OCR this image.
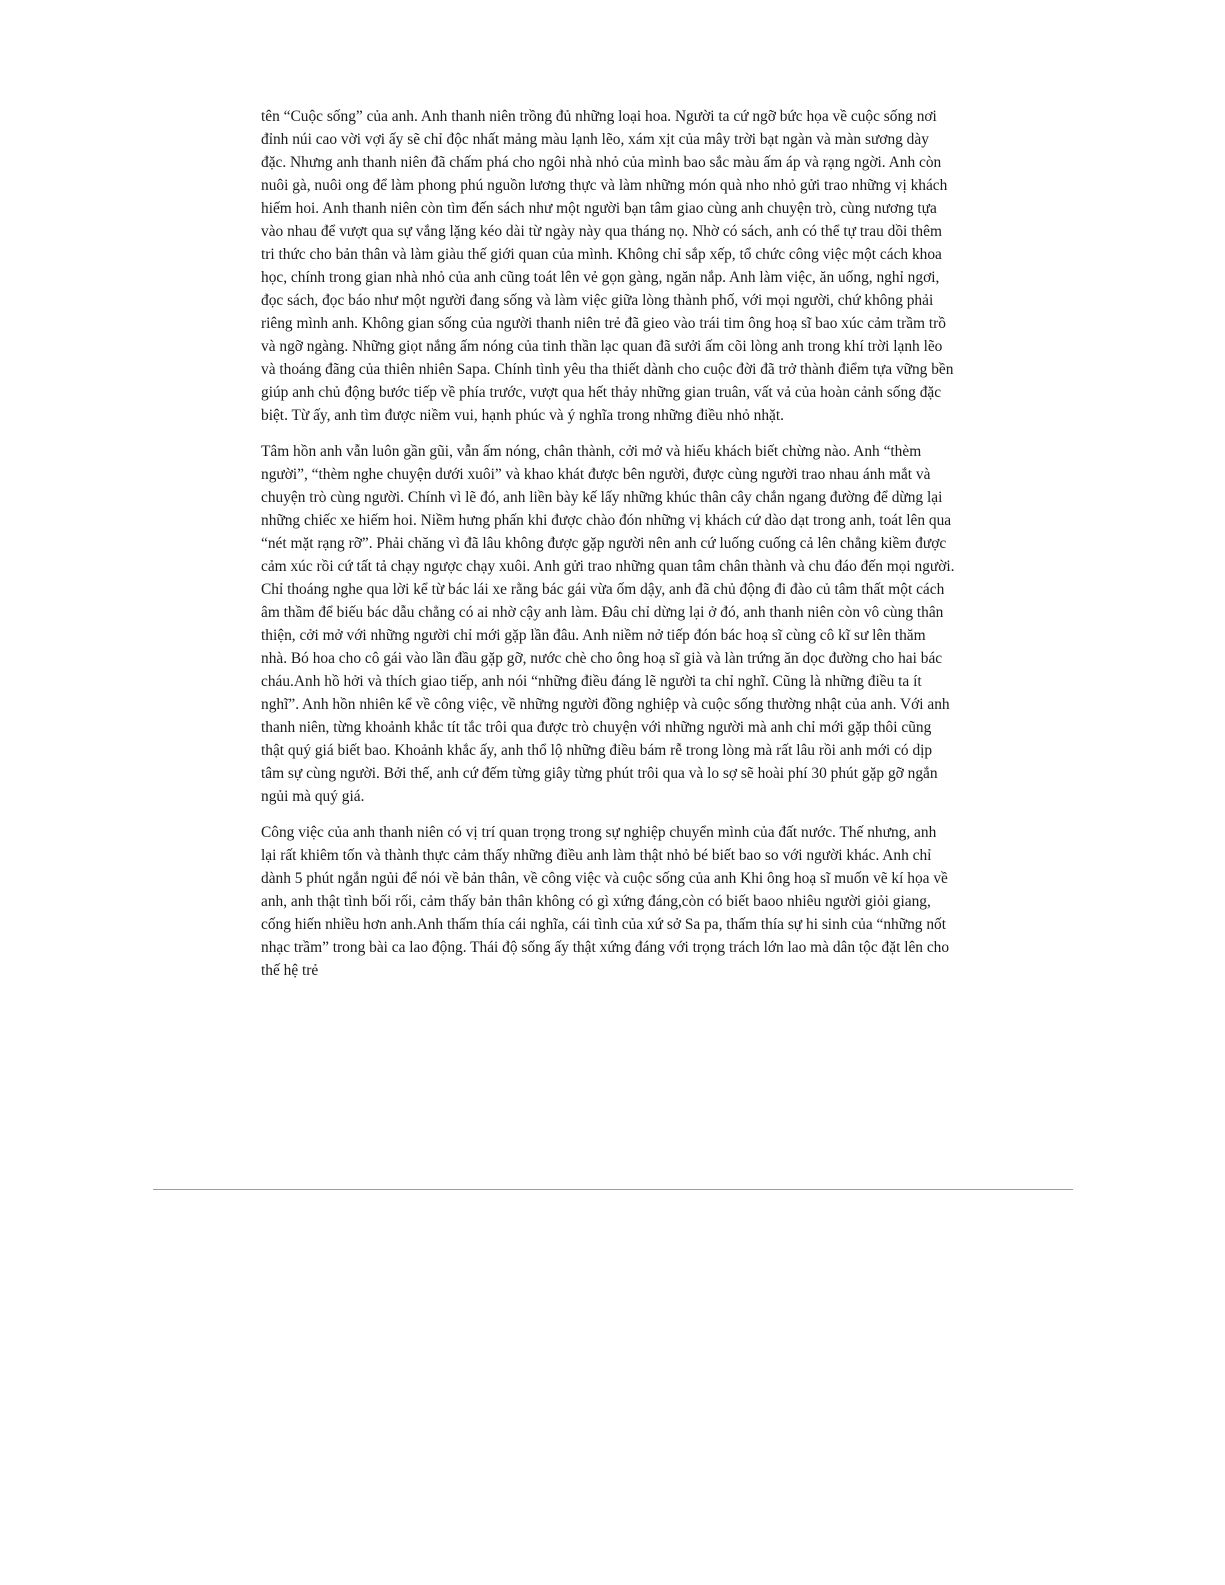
tên “Cuộc sống” của anh. Anh thanh niên trồng đủ những loại hoa. Người ta cứ ngỡ bức họa về cuộc sống nơi đỉnh núi cao vời vợi ấy sẽ chỉ độc nhất mảng màu lạnh lẽo, xám xịt của mây trời bạt ngàn và màn sương dày đặc. Nhưng anh thanh niên đã chấm phá cho ngôi nhà nhỏ của mình bao sắc màu ấm áp và rạng ngời. Anh còn nuôi gà, nuôi ong để làm phong phú nguồn lương thực và làm những món quà nho nhỏ gửi trao những vị khách hiếm hoi. Anh thanh niên còn tìm đến sách như một người bạn tâm giao cùng anh chuyện trò, cùng nương tựa vào nhau để vượt qua sự vắng lặng kéo dài từ ngày này qua tháng nọ. Nhờ có sách, anh có thể tự trau dồi thêm tri thức cho bản thân và làm giàu thế giới quan của mình. Không chỉ sắp xếp, tổ chức công việc một cách khoa học, chính trong gian nhà nhỏ của anh cũng toát lên vẻ gọn gàng, ngăn nắp. Anh làm việc, ăn uống, nghỉ ngơi, đọc sách, đọc báo như một người đang sống và làm việc giữa lòng thành phố, với mọi người, chứ không phải riêng mình anh. Không gian sống của người thanh niên trẻ đã gieo vào trái tim ông hoạ sĩ bao xúc cảm trầm trồ và ngỡ ngàng. Những giọt nắng ấm nóng của tinh thần lạc quan đã sưởi ấm cõi lòng anh trong khí trời lạnh lẽo và thoáng đãng của thiên nhiên Sapa. Chính tình yêu tha thiết dành cho cuộc đời đã trở thành điểm tựa vững bền giúp anh chủ động bước tiếp về phía trước, vượt qua hết thảy những gian truân, vất vả của hoàn cảnh sống đặc biệt. Từ ấy, anh tìm được niềm vui, hạnh phúc và ý nghĩa trong những điều nhỏ nhặt.

Tâm hồn anh vẫn luôn gần gũi, vẫn ấm nóng, chân thành, cởi mở và hiếu khách biết chừng nào. Anh “thèm người”, “thèm nghe chuyện dưới xuôi” và khao khát được bên người, được cùng người trao nhau ánh mắt và chuyện trò cùng người. Chính vì lẽ đó, anh liền bày kế lấy những khúc thân cây chắn ngang đường để dừng lại những chiếc xe hiếm hoi. Niềm hưng phấn khi được chào đón những vị khách cứ dào dạt trong anh, toát lên qua “nét mặt rạng rỡ”. Phải chăng vì đã lâu không được gặp người nên anh cứ luống cuống cả lên chẳng kiềm được cảm xúc rồi cứ tất tả chạy ngược chạy xuôi. Anh gửi trao những quan tâm chân thành và chu đáo đến mọi người. Chỉ thoáng nghe qua lời kể từ bác lái xe rằng bác gái vừa ốm dậy, anh đã chủ động đi đào củ tâm thất một cách âm thầm để biếu bác dẫu chẳng có ai nhờ cậy anh làm. Đâu chỉ dừng lại ở đó, anh thanh niên còn vô cùng thân thiện, cởi mở với những người chỉ mới gặp lần đâu. Anh niềm nở tiếp đón bác hoạ sĩ cùng cô kĩ sư lên thăm nhà. Bó hoa cho cô gái vào lần đầu gặp gỡ, nước chè cho ông hoạ sĩ già và làn trứng ăn dọc đường cho hai bác cháu.Anh hồ hởi và thích giao tiếp, anh nói “những điều đáng lẽ người ta chỉ nghĩ. Cũng là những điều ta ít nghĩ”. Anh hồn nhiên kể về công việc, về những người đồng nghiệp và cuộc sống thường nhật của anh. Với anh thanh niên, từng khoảnh khắc tít tắc trôi qua được trò chuyện với những người mà anh chỉ mới gặp thôi cũng thật quý giá biết bao. Khoảnh khắc ấy, anh thổ lộ những điều bám rễ trong lòng mà rất lâu rồi anh mới có dịp tâm sự cùng người. Bởi thế, anh cứ đếm từng giây từng phút trôi qua và lo sợ sẽ hoài phí 30 phút gặp gỡ ngắn ngủi mà quý giá.

Công việc của anh thanh niên có vị trí quan trọng trong sự nghiệp chuyển mình của đất nước. Thế nhưng, anh lại rất khiêm tốn và thành thực cảm thấy những điều anh làm thật nhỏ bé biết bao so với người khác. Anh chỉ dành 5 phút ngắn ngủi để nói về bản thân, về công việc và cuộc sống của anh Khi ông hoạ sĩ muốn vẽ kí họa về anh, anh thật tình bối rối, cảm thấy bản thân không có gì xứng đáng,còn có biết baoo nhiêu người giỏi giang, cống hiến nhiều hơn anh.Anh thấm thía cái nghĩa, cái tình của xứ sở Sa pa, thấm thía sự hi sinh của “những nốt nhạc trầm” trong bài ca lao động. Thái độ sống ấy thật xứng đáng với trọng trách lớn lao mà dân tộc đặt lên cho thế hệ trẻ
